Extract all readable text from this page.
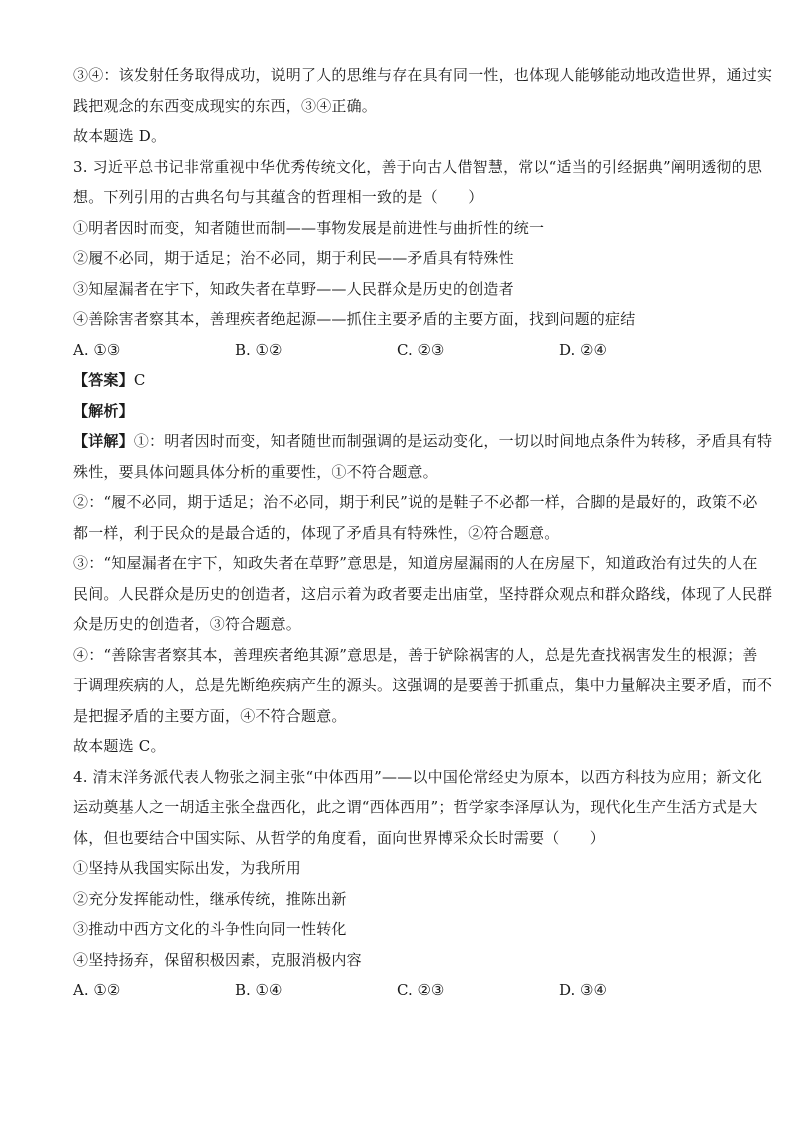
③④：该发射任务取得成功，说明了人的思维与存在具有同一性，也体现人能够能动地改造世界，通过实
践把观念的东西变成现实的东西，③④正确。
故本题选 D。
3. 习近平总书记非常重视中华优秀传统文化，善于向古人借智慧，常以“适当的引经据典”阐明透彻的思
想。下列引用的古典名句与其蕴含的哲理相一致的是（　　）
①明者因时而变，知者随世而制——事物发展是前进性与曲折性的统一
②履不必同，期于适足；治不必同，期于利民——矛盾具有特殊性
③知屋漏者在宇下，知政失者在草野——人民群众是历史的创造者
④善除害者察其本，善理疾者绝起源——抓住主要矛盾的主要方面，找到问题的症结
A. ①③	B. ①②	C. ②③	D. ②④
【答案】C
【解析】
【详解】①：明者因时而变，知者随世而制强调的是运动变化，一切以时间地点条件为转移，矛盾具有特
殊性，要具体问题具体分析的重要性，①不符合题意。
②：“履不必同，期于适足；治不必同，期于利民”说的是鞋子不必都一样，合脚的是最好的，政策不必
都一样，利于民众的是最合适的，体现了矛盾具有特殊性，②符合题意。
③：“知屋漏者在宇下，知政失者在草野”意思是，知道房屋漏雨的人在房屋下，知道政治有过失的人在
民间。人民群众是历史的创造者，这启示着为政者要走出庙堂，坚持群众观点和群众路线，体现了人民群
众是历史的创造者，③符合题意。
④：“善除害者察其本，善理疾者绝其源”意思是，善于铲除祸害的人，总是先查找祸害发生的根源；善
于调理疾病的人，总是先断绝疾病产生的源头。这强调的是要善于抓重点，集中力量解决主要矛盾，而不
是把握矛盾的主要方面，④不符合题意。
故本题选 C。
4. 清末洋务派代表人物张之洞主张“中体西用”——以中国伦常经史为原本，以西方科技为应用；新文化
运动奠基人之一胡适主张全盘西化，此之谓“西体西用”；哲学家李泽厚认为，现代化生产生活方式是大
体，但也要结合中国实际、从哲学的角度看，面向世界博采众长时需要（　　）
①坚持从我国实际出发，为我所用
②充分发挥能动性，继承传统，推陈出新
③推动中西方文化的斗争性向同一性转化
④坚持扬弃，保留积极因素，克服消极内容
A. ①②	B. ①④	C. ②③	D. ③④
